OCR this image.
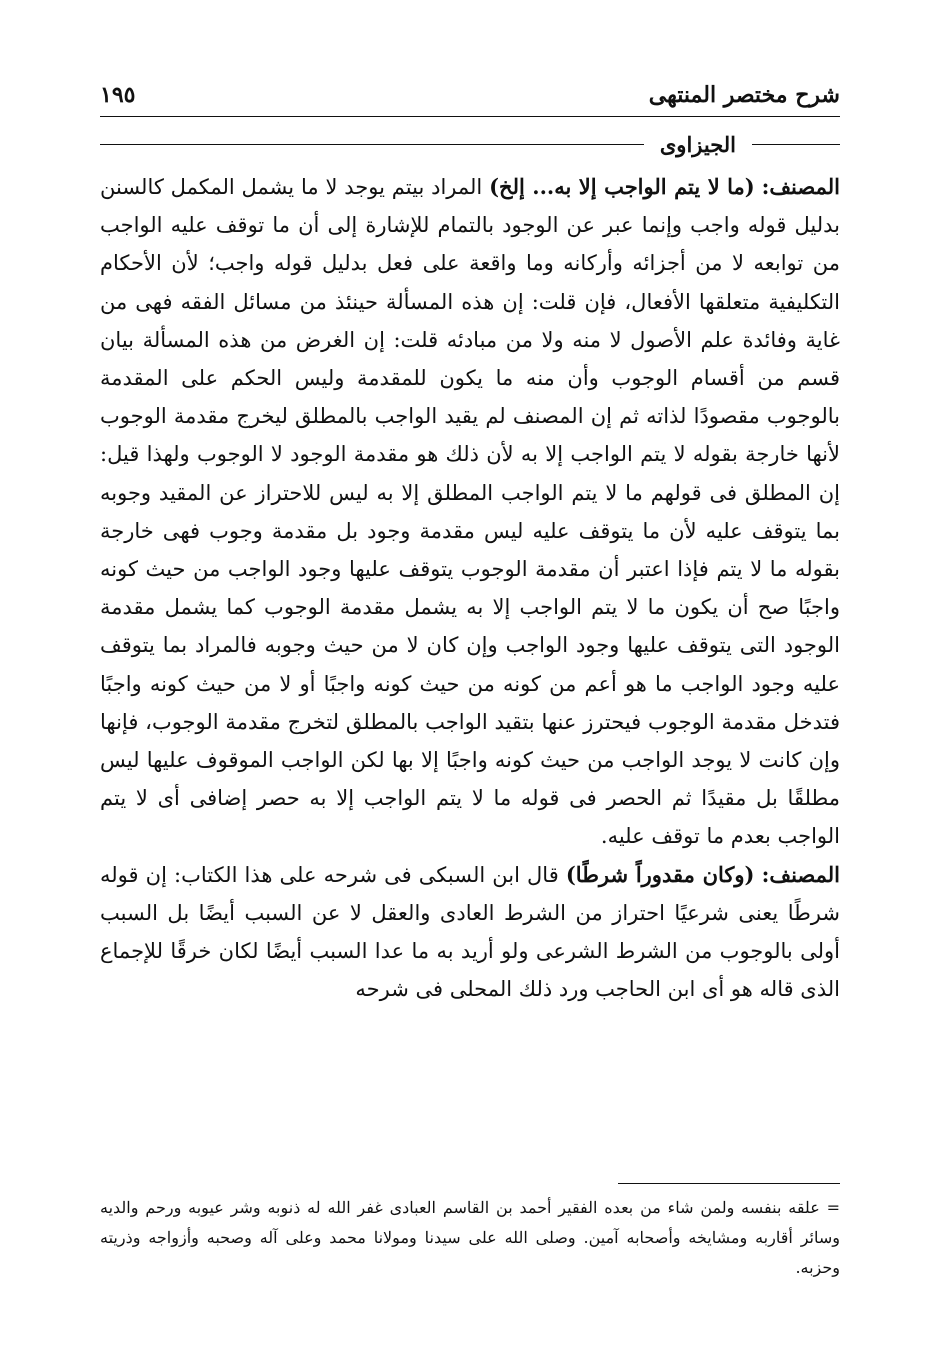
شرح مختصر المنتهى
١٩٥
الجيزاوى

المصنف: (ما لا يتم الواجب إلا به... إلخ) المراد بيتم يوجد لا ما يشمل المكمل كالسنن بدليل قوله واجب وإنما عبر عن الوجود بالتمام للإشارة إلى أن ما توقف عليه الواجب من توابعه لا من أجزائه وأركانه وما واقعة على فعل بدليل قوله واجب؛ لأن الأحكام التكليفية متعلقها الأفعال، فإن قلت: إن هذه المسألة حينئذ من مسائل الفقه فهى من غاية وفائدة علم الأصول لا منه ولا من مبادئه قلت: إن الغرض من هذه المسألة بيان قسم من أقسام الوجوب وأن منه ما يكون للمقدمة وليس الحكم على المقدمة بالوجوب مقصودًا لذاته ثم إن المصنف لم يقيد الواجب بالمطلق ليخرج مقدمة الوجوب لأنها خارجة بقوله لا يتم الواجب إلا به لأن ذلك هو مقدمة الوجود لا الوجوب ولهذا قيل: إن المطلق فى قولهم ما لا يتم الواجب المطلق إلا به ليس للاحتراز عن المقيد وجوبه بما يتوقف عليه لأن ما يتوقف عليه ليس مقدمة وجود بل مقدمة وجوب فهى خارجة بقوله ما لا يتم فإذا اعتبر أن مقدمة الوجوب يتوقف عليها وجود الواجب من حيث كونه واجبًا صح أن يكون ما لا يتم الواجب إلا به يشمل مقدمة الوجوب كما يشمل مقدمة الوجود التى يتوقف عليها وجود الواجب وإن كان لا من حيث وجوبه فالمراد بما يتوقف عليه وجود الواجب ما هو أعم من كونه من حيث كونه واجبًا أو لا من حيث كونه واجبًا فتدخل مقدمة الوجوب فيحترز عنها بتقيد الواجب بالمطلق لتخرج مقدمة الوجوب، فإنها وإن كانت لا يوجد الواجب من حيث كونه واجبًا إلا بها لكن الواجب الموقوف عليها ليس مطلقًا بل مقيدًا ثم الحصر فى قوله ما لا يتم الواجب إلا به حصر إضافى أى لا يتم الواجب بعدم ما توقف عليه.

المصنف: (وكان مقدوراً شرطًا) قال ابن السبكى فى شرحه على هذا الكتاب: إن قوله شرطًا يعنى شرعيًا احتراز من الشرط العادى والعقل لا عن السبب أيضًا بل السبب أولى بالوجوب من الشرط الشرعى ولو أريد به ما عدا السبب أيضًا لكان خرقًا للإجماع الذى قاله هو أى ابن الحاجب ورد ذلك المحلى فى شرحه

= علقه بنفسه ولمن شاء من بعده الفقير أحمد بن القاسم العبادى غفر الله له ذنوبه وشر عيوبه ورحم والديه وسائر أقاربه ومشايخه وأصحابه آمين. وصلى الله على سيدنا ومولانا محمد وعلى آله وصحبه وأزواجه وذريته وحزبه.
